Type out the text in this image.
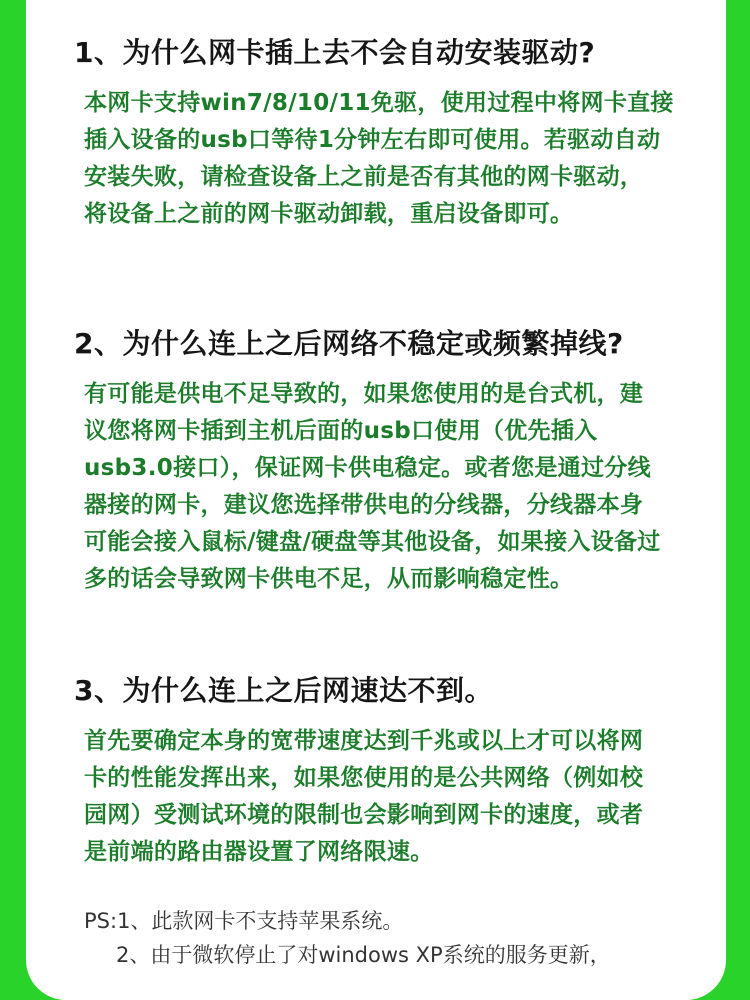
1、为什么网卡插上去不会自动安装驱动?
本网卡支持win7/8/10/11免驱，使用过程中将网卡直接
插入设备的usb口等待1分钟左右即可使用。若驱动自动
安装失败，请检查设备上之前是否有其他的网卡驱动，
将设备上之前的网卡驱动卸载，重启设备即可。
2、为什么连上之后网络不稳定或频繁掉线?
有可能是供电不足导致的，如果您使用的是台式机，建
议您将网卡插到主机后面的usb口使用（优先插入
usb3.0接口），保证网卡供电稳定。或者您是通过分线
器接的网卡，建议您选择带供电的分线器，分线器本身
可能会接入鼠标/键盘/硬盘等其他设备，如果接入设备过
多的话会导致网卡供电不足，从而影响稳定性。
3、为什么连上之后网速达不到。
首先要确定本身的宽带速度达到千兆或以上才可以将网
卡的性能发挥出来，如果您使用的是公共网络（例如校
园网）受测试环境的限制也会影响到网卡的速度，或者
是前端的路由器设置了网络限速。
PS:1、此款网卡不支持苹果系统。
2、由于微软停止了对windows XP系统的服务更新，
